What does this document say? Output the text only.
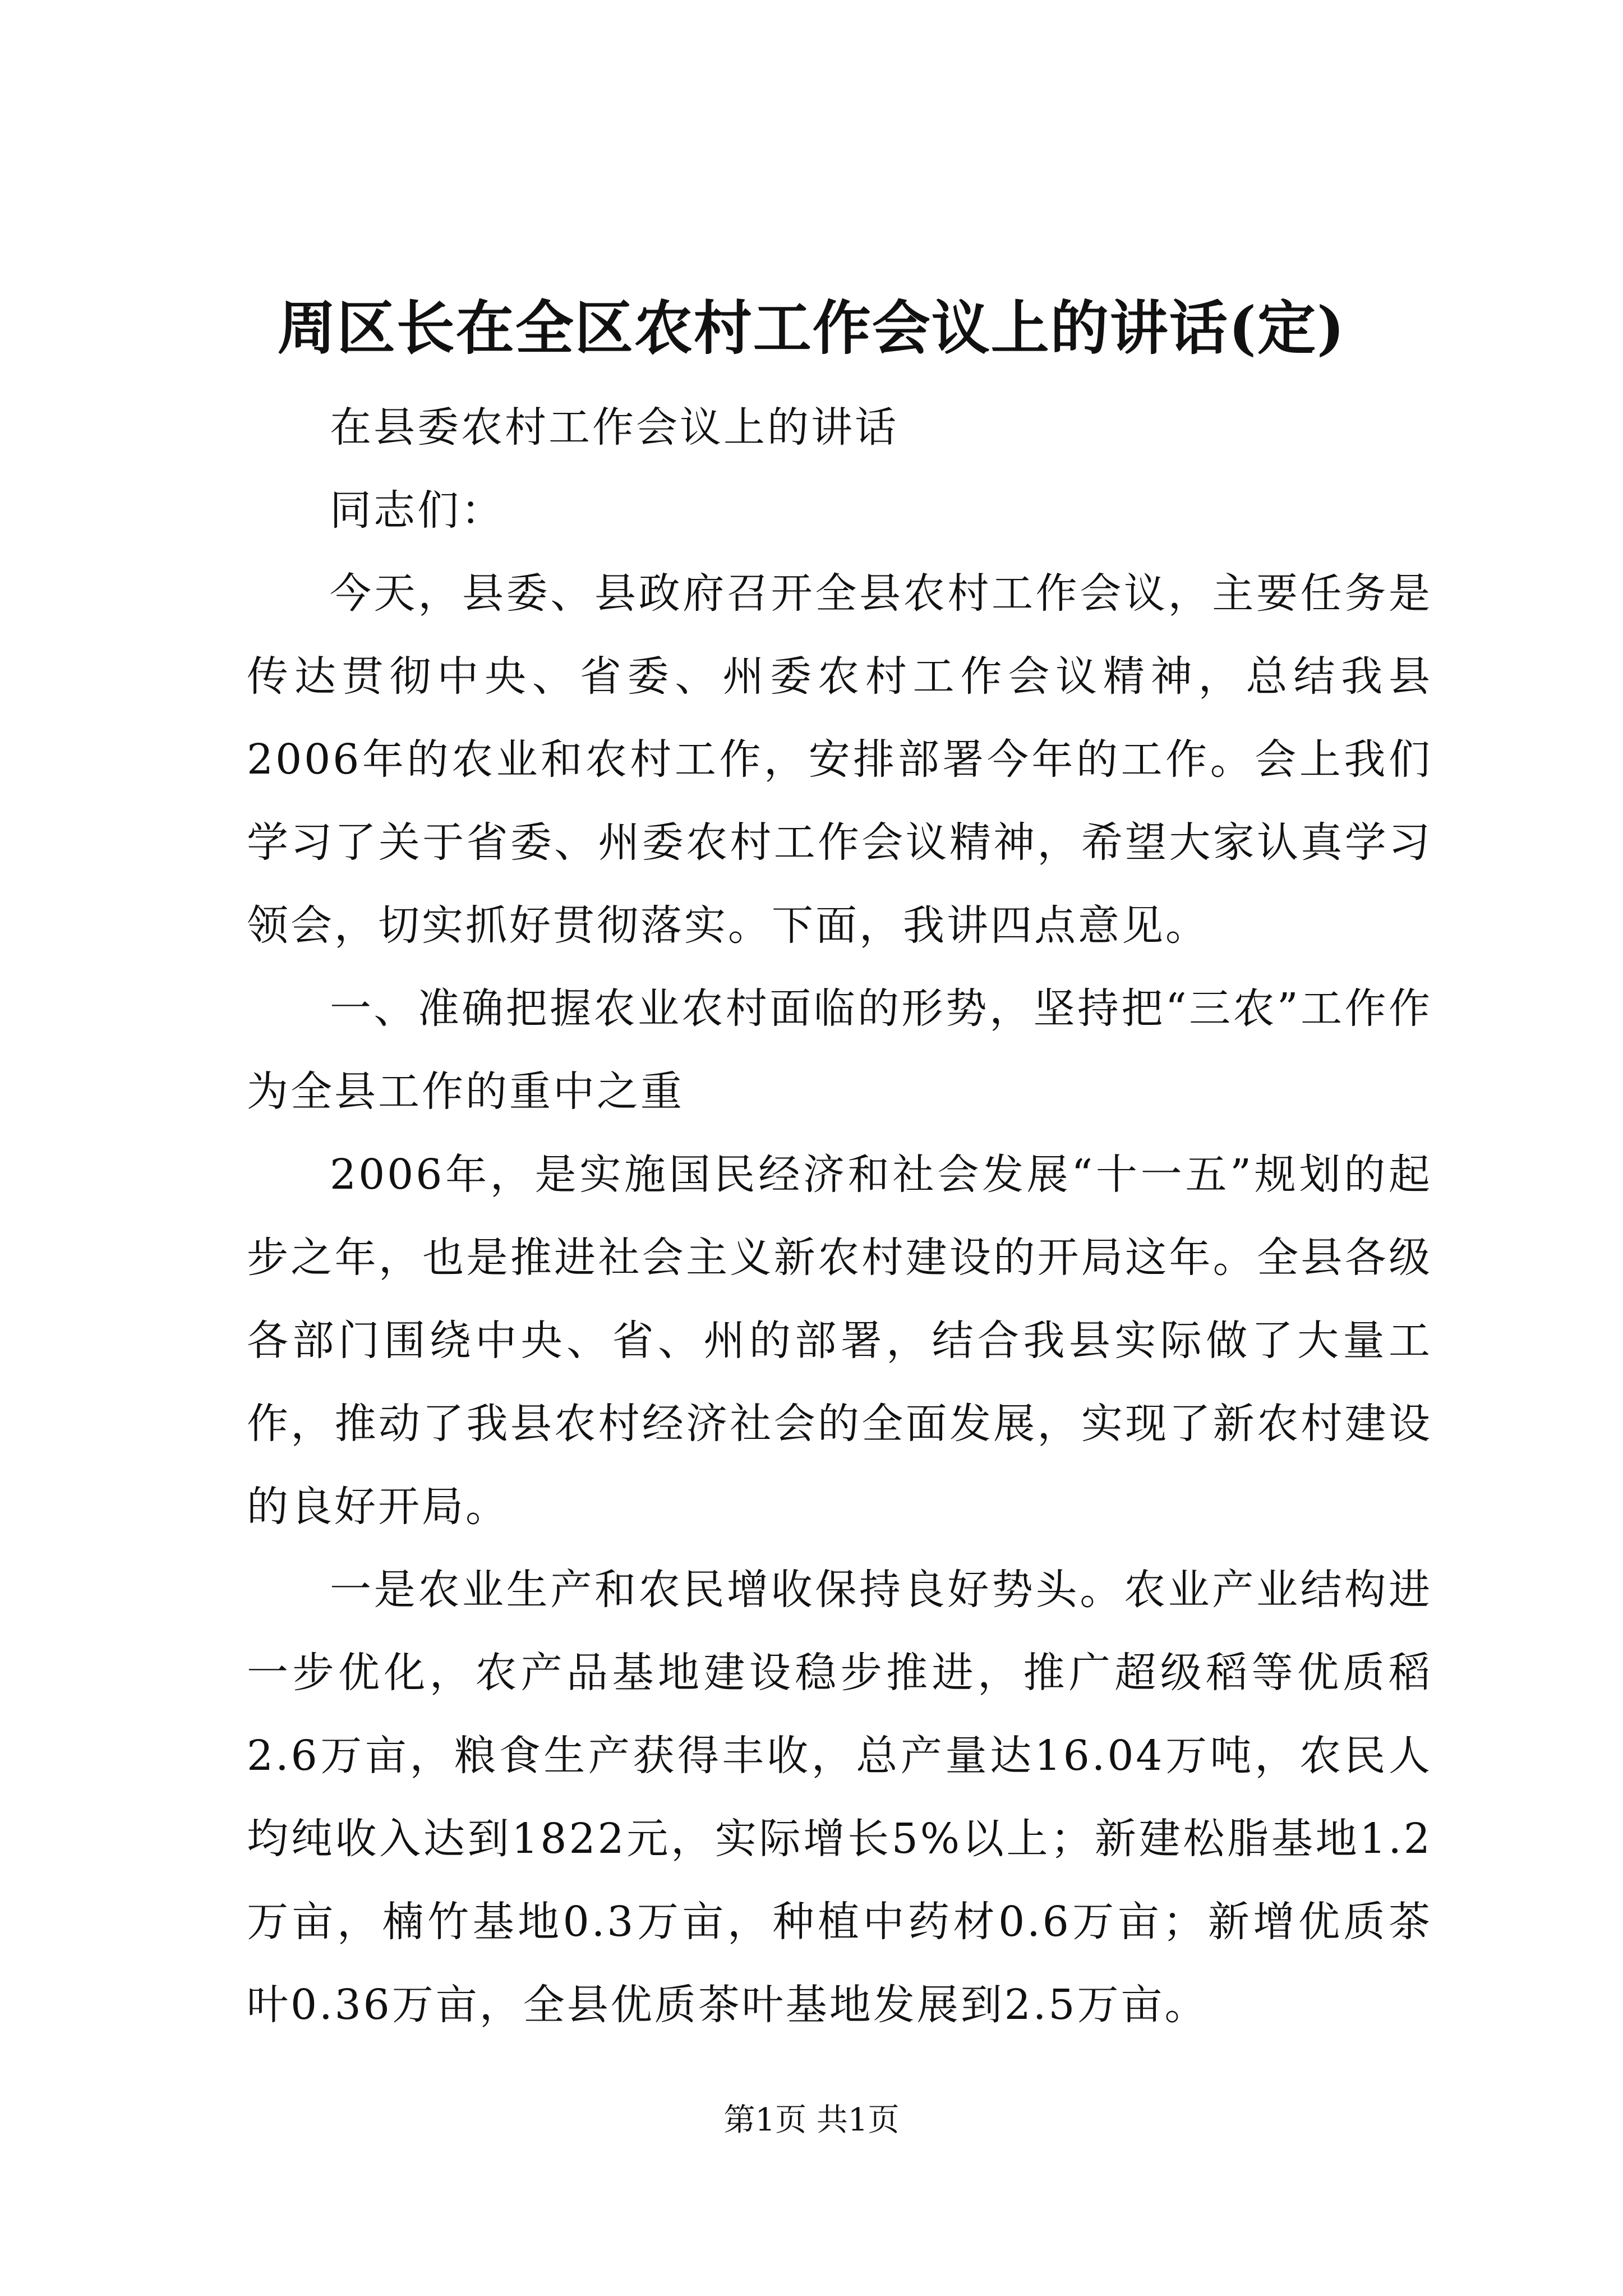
周区长在全区农村工作会议上的讲话(定)

在县委农村工作会议上的讲话

同志们：

今天，县委、县政府召开全县农村工作会议，主要任务是传达贯彻中央、省委、州委农村工作会议精神，总结我县2006年的农业和农村工作，安排部署今年的工作。会上我们学习了关于省委、州委农村工作会议精神，希望大家认真学习领会，切实抓好贯彻落实。下面，我讲四点意见。

一、准确把握农业农村面临的形势，坚持把“三农”工作作为全县工作的重中之重

2006年，是实施国民经济和社会发展“十一五”规划的起步之年，也是推进社会主义新农村建设的开局这年。全县各级各部门围绕中央、省、州的部署，结合我县实际做了大量工作，推动了我县农村经济社会的全面发展，实现了新农村建设的良好开局。

一是农业生产和农民增收保持良好势头。农业产业结构进一步优化，农产品基地建设稳步推进，推广超级稻等优质稻2.6万亩，粮食生产获得丰收，总产量达16.04万吨，农民人均纯收入达到1822元，实际增长5%以上；新建松脂基地1.2万亩，楠竹基地0.3万亩，种植中药材0.6万亩；新增优质茶叶0.36万亩，全县优质茶叶基地发展到2.5万亩。

第1页 共1页
